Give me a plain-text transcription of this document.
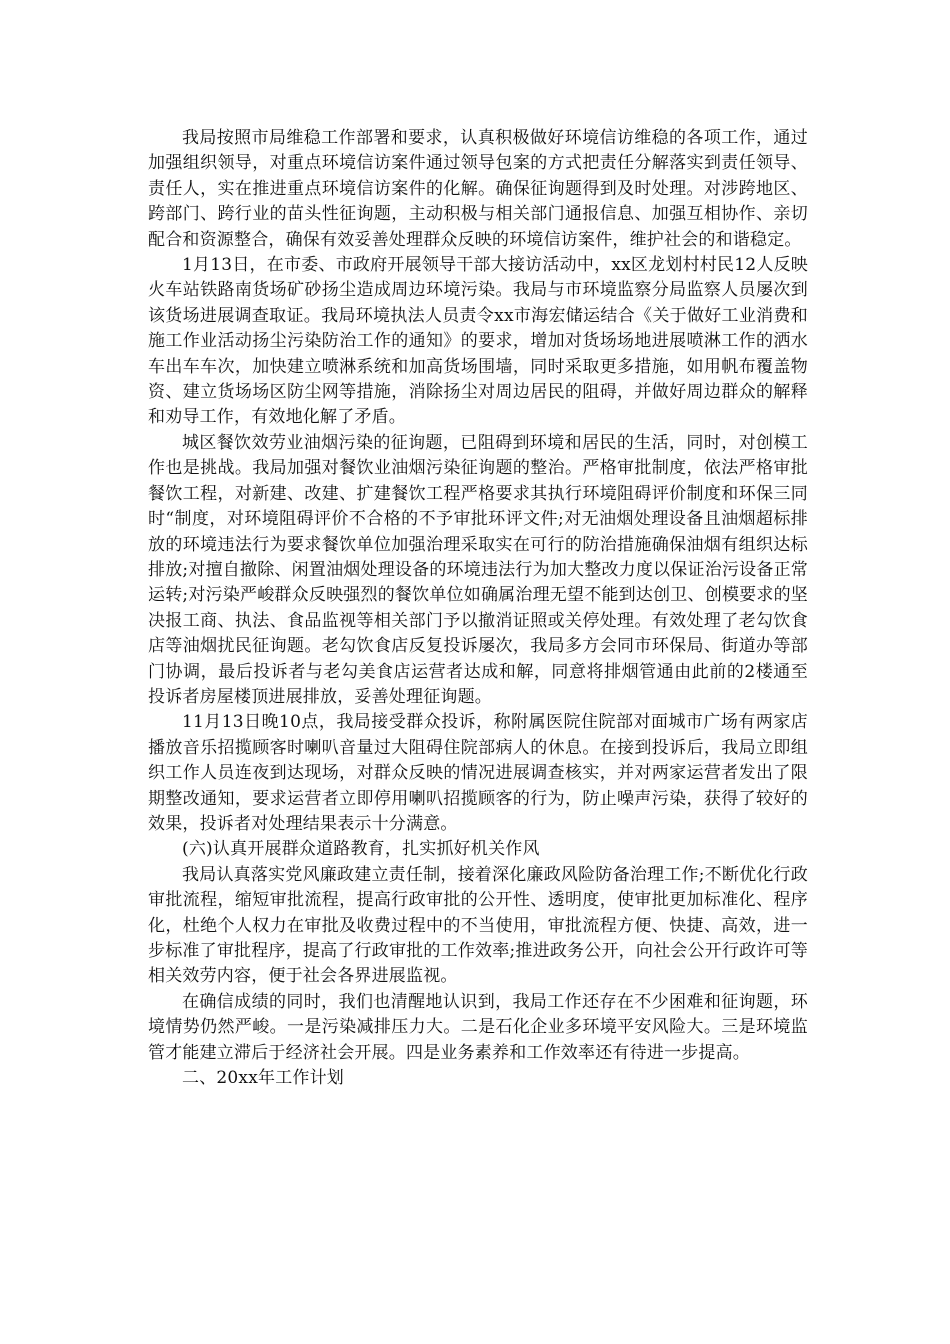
我局按照市局维稳工作部署和要求，认真积极做好环境信访维稳的各项工作，通过加强组织领导，对重点环境信访案件通过领导包案的方式把责任分解落实到责任领导、责任人，实在推进重点环境信访案件的化解。确保征询题得到及时处理。对涉跨地区、跨部门、跨行业的苗头性征询题，主动积极与相关部门通报信息、加强互相协作、亲切配合和资源整合，确保有效妥善处理群众反映的环境信访案件，维护社会的和谐稳定。

1月13日，在市委、市政府开展领导干部大接访活动中，xx区龙划村村民12人反映火车站铁路南货场矿砂扬尘造成周边环境污染。我局与市环境监察分局监察人员屡次到该货场进展调查取证。我局环境执法人员责令xx市海宏储运结合《关于做好工业消费和施工作业活动扬尘污染防治工作的通知》的要求，增加对货场场地进展喷淋工作的洒水车出车车次，加快建立喷淋系统和加高货场围墙，同时采取更多措施，如用帆布覆盖物资、建立货场场区防尘网等措施，消除扬尘对周边居民的阻碍，并做好周边群众的解释和劝导工作，有效地化解了矛盾。

城区餐饮效劳业油烟污染的征询题，已阻碍到环境和居民的生活，同时，对创模工作也是挑战。我局加强对餐饮业油烟污染征询题的整治。严格审批制度，依法严格审批餐饮工程，对新建、改建、扩建餐饮工程严格要求其执行环境阻碍评价制度和环保三同时“制度，对环境阻碍评价不合格的不予审批环评文件;对无油烟处理设备且油烟超标排放的环境违法行为要求餐饮单位加强治理采取实在可行的防治措施确保油烟有组织达标排放;对擅自撤除、闲置油烟处理设备的环境违法行为加大整改力度以保证治污设备正常运转;对污染严峻群众反映强烈的餐饮单位如确属治理无望不能到达创卫、创模要求的坚决报工商、执法、食品监视等相关部门予以撤消证照或关停处理。有效处理了老勾饮食店等油烟扰民征询题。老勾饮食店反复投诉屡次，我局多方会同市环保局、街道办等部门协调，最后投诉者与老勾美食店运营者达成和解，同意将排烟管通由此前的2楼通至投诉者房屋楼顶进展排放，妥善处理征询题。

11月13日晚10点，我局接受群众投诉，称附属医院住院部对面城市广场有两家店播放音乐招揽顾客时喇叭音量过大阻碍住院部病人的休息。在接到投诉后，我局立即组织工作人员连夜到达现场，对群众反映的情况进展调查核实，并对两家运营者发出了限期整改通知，要求运营者立即停用喇叭招揽顾客的行为，防止噪声污染，获得了较好的效果，投诉者对处理结果表示十分满意。

(六)认真开展群众道路教育，扎实抓好机关作风

我局认真落实党风廉政建立责任制，接着深化廉政风险防备治理工作;不断优化行政审批流程，缩短审批流程，提高行政审批的公开性、透明度，使审批更加标准化、程序化，杜绝个人权力在审批及收费过程中的不当使用，审批流程方便、快捷、高效，进一步标准了审批程序，提高了行政审批的工作效率;推进政务公开，向社会公开行政许可等相关效劳内容，便于社会各界进展监视。

在确信成绩的同时，我们也清醒地认识到，我局工作还存在不少困难和征询题，环境情势仍然严峻。一是污染减排压力大。二是石化企业多环境平安风险大。三是环境监管才能建立滞后于经济社会开展。四是业务素养和工作效率还有待进一步提高。

二、20xx年工作计划
